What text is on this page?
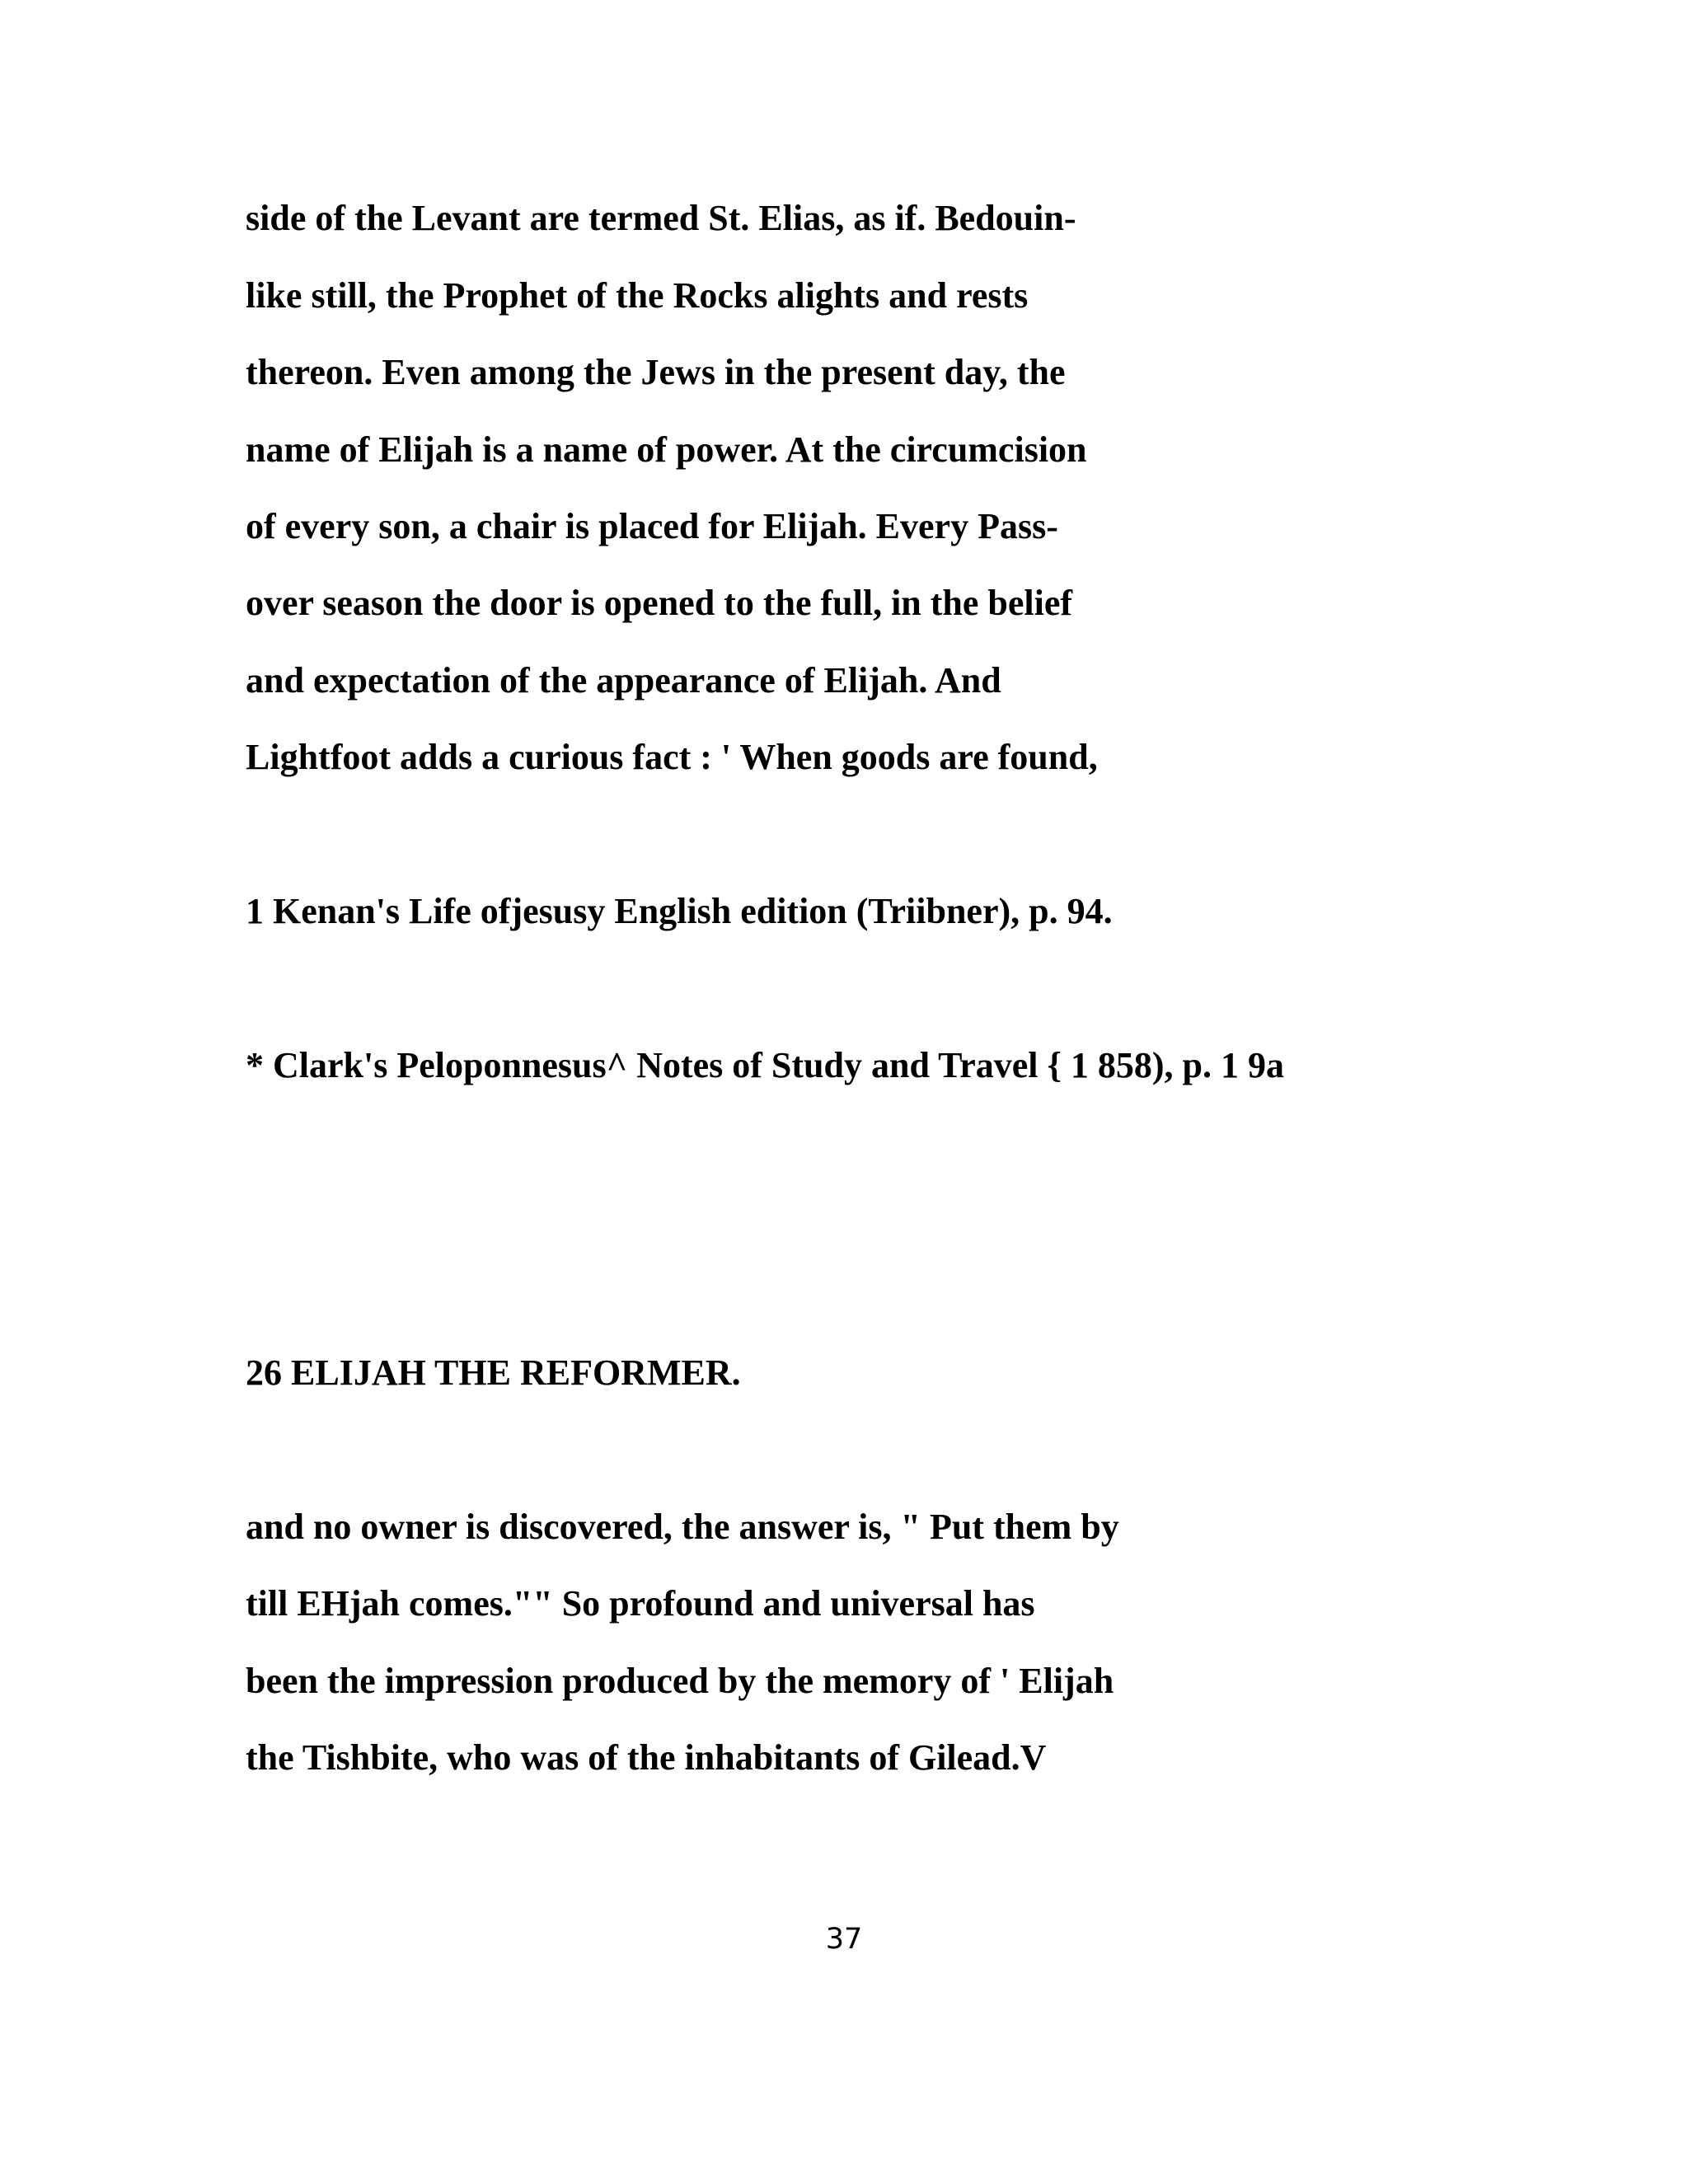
side of the Levant are termed St. Elias, as if. Bedouin-

like still, the Prophet of the Rocks alights and rests

thereon. Even among the Jews in the present day, the

name of Elijah is a name of power. At the circumcision

of every son, a chair is placed for Elijah. Every Pass-

over season the door is opened to the full, in the belief

and expectation of the appearance of Elijah. And

Lightfoot adds a curious fact : ' When goods are found,

1 Kenan's Life ofjesusy English edition (Triibner), p. 94.

* Clark's Peloponnesus^ Notes of Study and Travel { 1 858), p. 1 9a

26 ELIJAH THE REFORMER.

and no owner is discovered, the answer is, " Put them by

till EHjah comes."" So profound and universal has

been the impression produced by the memory of ' Elijah

the Tishbite, who was of the inhabitants of Gilead.V

37
